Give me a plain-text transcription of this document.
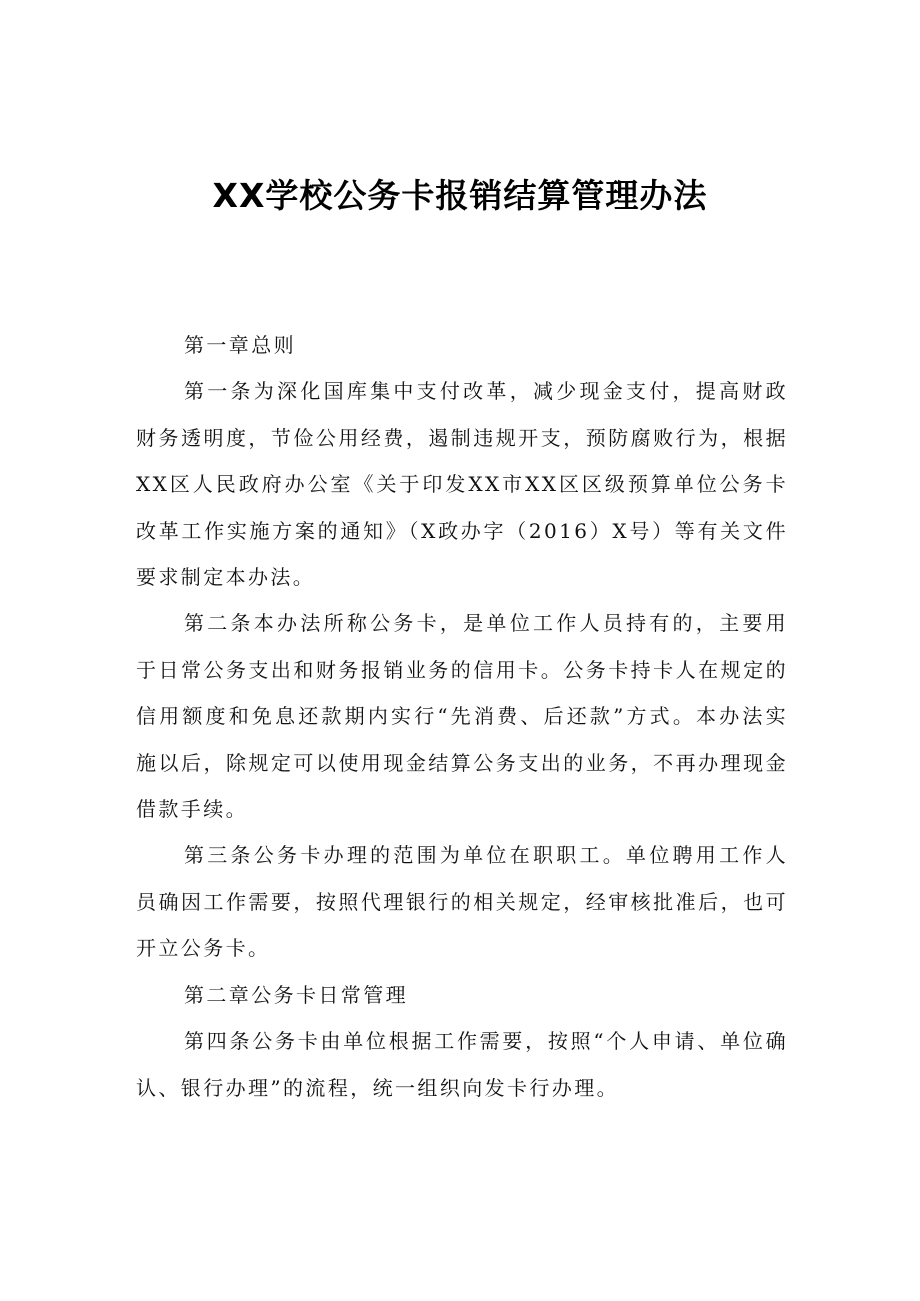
XX学校公务卡报销结算管理办法

第一章总则

第一条为深化国库集中支付改革，减少现金支付，提高财政财务透明度，节俭公用经费，遏制违规开支，预防腐败行为，根据XX区人民政府办公室《关于印发XX市XX区区级预算单位公务卡改革工作实施方案的通知》（X政办字（2016）X号）等有关文件要求制定本办法。

第二条本办法所称公务卡，是单位工作人员持有的，主要用于日常公务支出和财务报销业务的信用卡。公务卡持卡人在规定的信用额度和免息还款期内实行“先消费、后还款”方式。本办法实施以后，除规定可以使用现金结算公务支出的业务，不再办理现金借款手续。

第三条公务卡办理的范围为单位在职职工。单位聘用工作人员确因工作需要，按照代理银行的相关规定，经审核批准后，也可开立公务卡。

第二章公务卡日常管理

第四条公务卡由单位根据工作需要，按照“个人申请、单位确认、银行办理”的流程，统一组织向发卡行办理。
